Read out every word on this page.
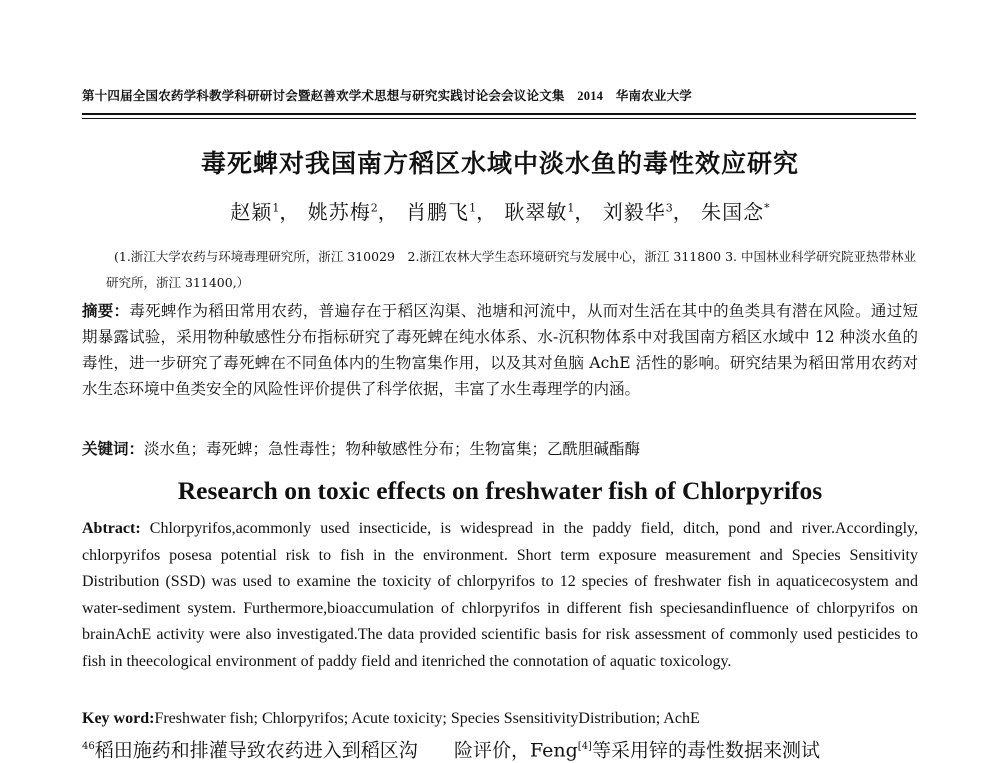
第十四届全国农药学科教学科研研讨会暨赵善欢学术思想与研究实践讨论会会议论文集　2014　华南农业大学
毒死蜱对我国南方稻区水域中淡水鱼的毒性效应研究
赵颖$^1$， 姚苏梅$^2$， 肖鹏飞$^1$， 耿翠敏$^1$， 刘毅华$^3$， 朱国念*
(1.浙江大学农药与环境毒理研究所，浙江 310029　2.浙江农林大学生态环境研究与发展中心，浙江 311800 3. 中国林业科学研究院亚热带林业研究所，浙江 311400,）
摘要：毒死蜱作为稻田常用农药，普遍存在于稻区沟渠、池塘和河流中，从而对生活在其中的鱼类具有潜在风险。通过短期暴露试验，采用物种敏感性分布指标研究了毒死蜱在纯水体系、水-沉积物体系中对我国南方稻区水域中 12 种淡水鱼的毒性，进一步研究了毒死蜱在不同鱼体内的生物富集作用，以及其对鱼脑 AchE 活性的影响。研究结果为稻田常用农药对水生态环境中鱼类安全的风险性评价提供了科学依据，丰富了水生毒理学的内涵。
关键词：淡水鱼；毒死蜱；急性毒性；物种敏感性分布；生物富集；乙酰胆碱酯酶
Research on toxic effects on freshwater fish of Chlorpyrifos
Abtract: Chlorpyrifos,acommonly used insecticide, is widespread in the paddy field, ditch, pond and river.Accordingly, chlorpyrifos posesa potential risk to fish in the environment. Short term exposure measurement and Species Sensitivity Distribution (SSD) was used to examine the toxicity of chlorpyrifos to 12 species of freshwater fish in aquaticecosystem and water-sediment system. Furthermore,bioaccumulation of chlorpyrifos in different fish speciesandinfluence of chlorpyrifos on brainAchE activity were also investigated.The data provided scientific basis for risk assessment of commonly used pesticides to fish in theecological environment of paddy field and itenriched the connotation of aquatic toxicology.
Key word:Freshwater fish; Chlorpyrifos; Acute toxicity; Species SsensitivityDistribution; AchE
$^{46}$稻田施药和排灌导致农药进入到稻区沟 险评价，Feng[4]等采用锌的毒性数据来测试
